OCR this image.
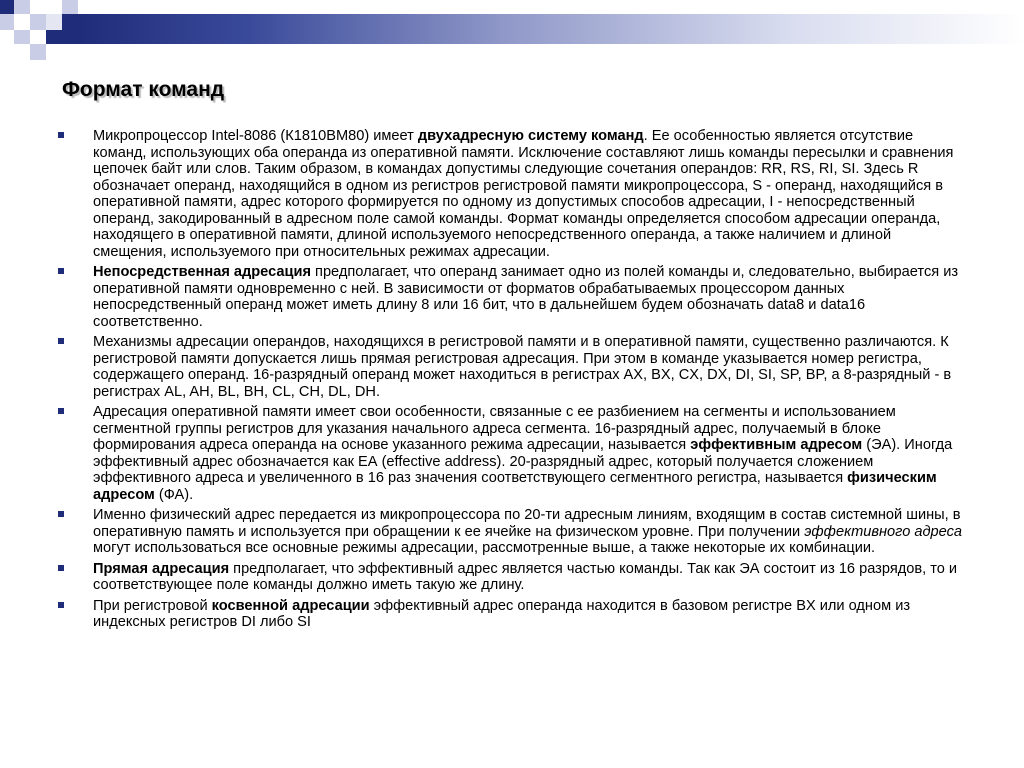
Формат команд
Микропроцессор Intel-8086 (К1810ВМ80) имеет двухадресную систему команд. Ее особенностью является отсутствие команд, использующих оба операнда из оперативной памяти. Исключение составляют лишь команды пересылки и сравнения цепочек байт или слов. Таким образом, в командах допустимы следующие сочетания операндов: RR, RS, RI, SI. Здесь R обозначает операнд, находящийся в одном из регистров регистровой памяти микропроцессора, S - операнд, находящийся в оперативной памяти, адрес которого формируется по одному из допустимых способов адресации, I - непосредственный операнд, закодированный в адресном поле самой команды. Формат команды определяется способом адресации операнда, находящего в оперативной памяти, длиной используемого непосредственного операнда, а также наличием и длиной смещения, используемого при относительных режимах адресации.
Непосредственная адресация предполагает, что операнд занимает одно из полей команды и, следовательно, выбирается из оперативной памяти одновременно с ней. В зависимости от форматов обрабатываемых процессором данных непосредственный операнд может иметь длину 8 или 16 бит, что в дальнейшем будем обозначать data8 и data16 соответственно.
Механизмы адресации операндов, находящихся в регистровой памяти и в оперативной памяти, существенно различаются. К регистровой памяти допускается лишь прямая регистровая адресация. При этом в команде указывается номер регистра, содержащего операнд. 16-разрядный операнд может находиться в регистрах AX, BX, CX, DX, DI, SI, SP, BP, а 8-разрядный - в регистрах AL, AH, BL, BH, CL, CH, DL, DH.
Адресация оперативной памяти имеет свои особенности, связанные с ее разбиением на сегменты и использованием сегментной группы регистров для указания начального адреса сегмента. 16-разрядный адрес, получаемый в блоке формирования адреса операнда на основе указанного режима адресации, называется эффективным адресом (ЭА). Иногда эффективный адрес обозначается как ЕА (effective address). 20-разрядный адрес, который получается сложением эффективного адреса и увеличенного в 16 раз значения соответствующего сегментного регистра, называется физическим адресом (ФА).
Именно физический адрес передается из микропроцессора по 20-ти адресным линиям, входящим в состав системной шины, в оперативную память и используется при обращении к ее ячейке на физическом уровне. При получении эффективного адреса могут использоваться все основные режимы адресации, рассмотренные выше, а также некоторые их комбинации.
Прямая адресация предполагает, что эффективный адрес является частью команды. Так как ЭА состоит из 16 разрядов, то и соответствующее поле команды должно иметь такую же длину.
При регистровой косвенной адресации эффективный адрес операнда находится в базовом регистре BX или одном из индексных регистров DI либо SI
